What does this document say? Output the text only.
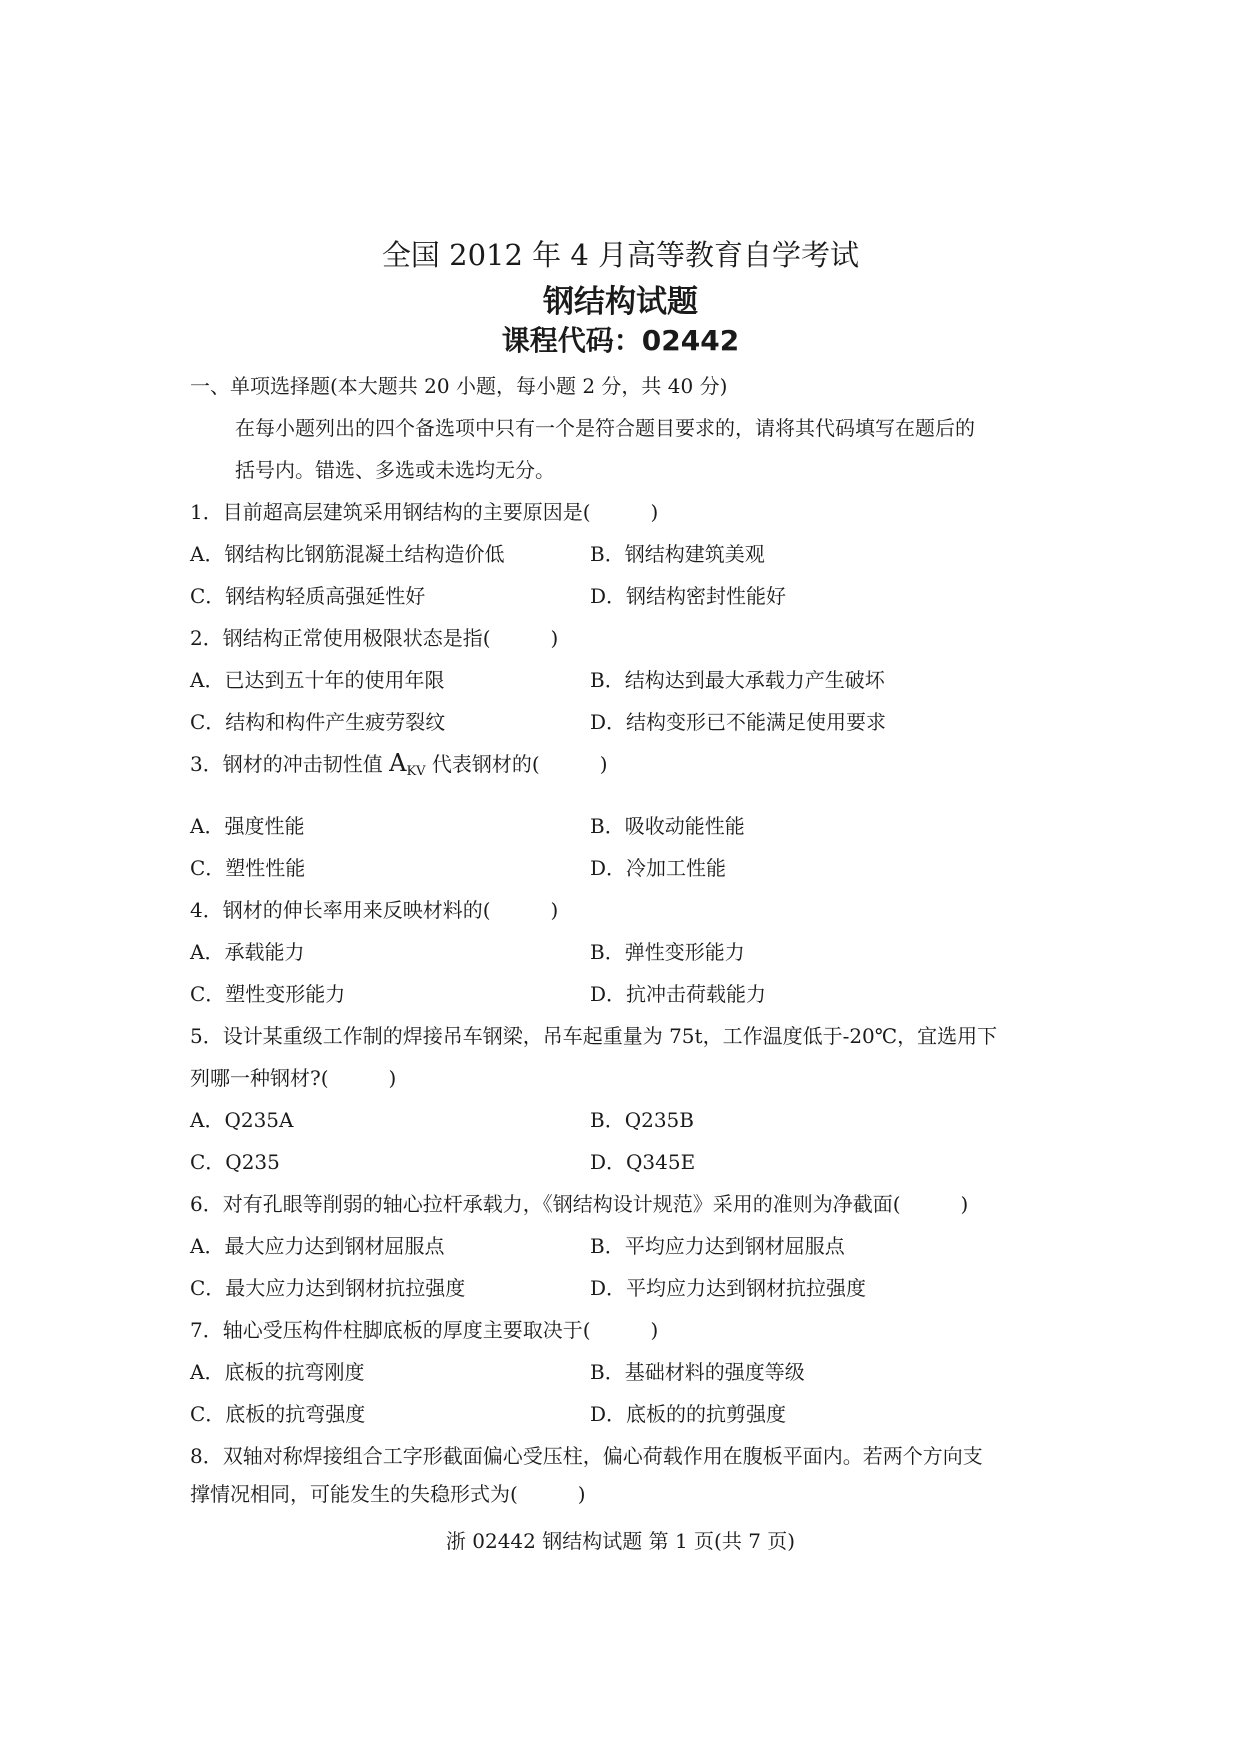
全国 2012 年 4 月高等教育自学考试
钢结构试题
课程代码：02442
一、单项选择题(本大题共 20 小题，每小题 2 分，共 40 分)
在每小题列出的四个备选项中只有一个是符合题目要求的，请将其代码填写在题后的
括号内。错选、多选或未选均无分。
1．目前超高层建筑采用钢结构的主要原因是(　　　)
A．钢结构比钢筋混凝土结构造价低	B．钢结构建筑美观
C．钢结构轻质高强延性好	D．钢结构密封性能好
2．钢结构正常使用极限状态是指(　　　)
A．已达到五十年的使用年限	B．结构达到最大承载力产生破坏
C．结构和构件产生疲劳裂纹	D．结构变形已不能满足使用要求
3．钢材的冲击韧性值 $A_{KV}$ 代表钢材的(　　　)
A．强度性能	B．吸收动能性能
C．塑性性能	D．冷加工性能
4．钢材的伸长率用来反映材料的(　　　)
A．承载能力	B．弹性变形能力
C．塑性变形能力	D．抗冲击荷载能力
5．设计某重级工作制的焊接吊车钢梁，吊车起重量为 75t，工作温度低于-20℃，宜选用下
列哪一种钢材?(　　　)
A．Q235A	B．Q235B
C．Q235	D．Q345E
6．对有孔眼等削弱的轴心拉杆承载力，《钢结构设计规范》采用的准则为净截面(　　　)
A．最大应力达到钢材屈服点	B．平均应力达到钢材屈服点
C．最大应力达到钢材抗拉强度	D．平均应力达到钢材抗拉强度
7．轴心受压构件柱脚底板的厚度主要取决于(　　　)
A．底板的抗弯刚度	B．基础材料的强度等级
C．底板的抗弯强度	D．底板的的抗剪强度
8．双轴对称焊接组合工字形截面偏心受压柱，偏心荷载作用在腹板平面内。若两个方向支
撑情况相同，可能发生的失稳形式为(　　　)
浙 02442 钢结构试题 第 1 页(共 7 页)
